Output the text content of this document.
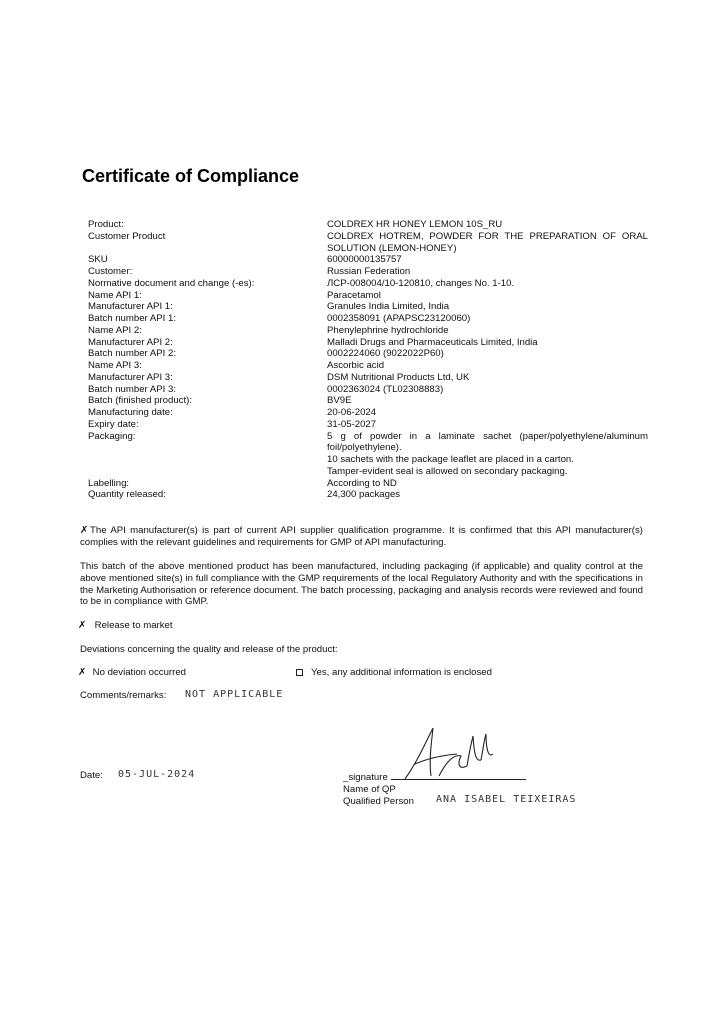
Certificate of Compliance
Product:	COLDREX HR HONEY LEMON 10S_RU
Customer Product	COLDREX HOTREM, POWDER FOR THE PREPARATION OF ORAL SOLUTION (LEMON-HONEY)
SKU	60000000135757
Customer:	Russian Federation
Normative document and change (-es):	ЛСР-008004/10-120810, changes No. 1-10.
Name API 1:	Paracetamol
Manufacturer API 1:	Granules India Limited, India
Batch number API 1:	0002358091 (APAPSC23120060)
Name API 2:	Phenylephrine hydrochloride
Manufacturer API 2:	Malladi Drugs and Pharmaceuticals Limited, India
Batch number API 2:	0002224060 (9022022P60)
Name API 3:	Ascorbic acid
Manufacturer API 3:	DSM Nutritional Products Ltd, UK
Batch number API 3:	0002363024 (TL02308883)
Batch (finished product):	BV9E
Manufacturing date:	20-06-2024
Expiry date:	31-05-2027
Packaging:	5 g of powder in a laminate sachet (paper/polyethylene/aluminum foil/polyethylene).
10 sachets with the package leaflet are placed in a carton.
Tamper-evident seal is allowed on secondary packaging.
Labelling:	According to ND
Quantity released:	24,300 packages
✗ The API manufacturer(s) is part of current API supplier qualification programme. It is confirmed that this API manufacturer(s) complies with the relevant guidelines and requirements for GMP of API manufacturing.
This batch of the above mentioned product has been manufactured, including packaging (if applicable) and quality control at the above mentioned site(s) in full compliance with the GMP requirements of the local Regulatory Authority and with the specifications in the Marketing Authorisation or reference document. The batch processing, packaging and analysis records were reviewed and found to be in compliance with GMP.
✗ Release to market
Deviations concerning the quality and release of the product:
✗ No deviation occurred	Yes, any additional information is enclosed
Comments/remarks: NOT APPLICABLE
Date: 05-JUL-2024	_signature
Name of QP
Qualified Person ANA ISABEL TEIXEIRAS
